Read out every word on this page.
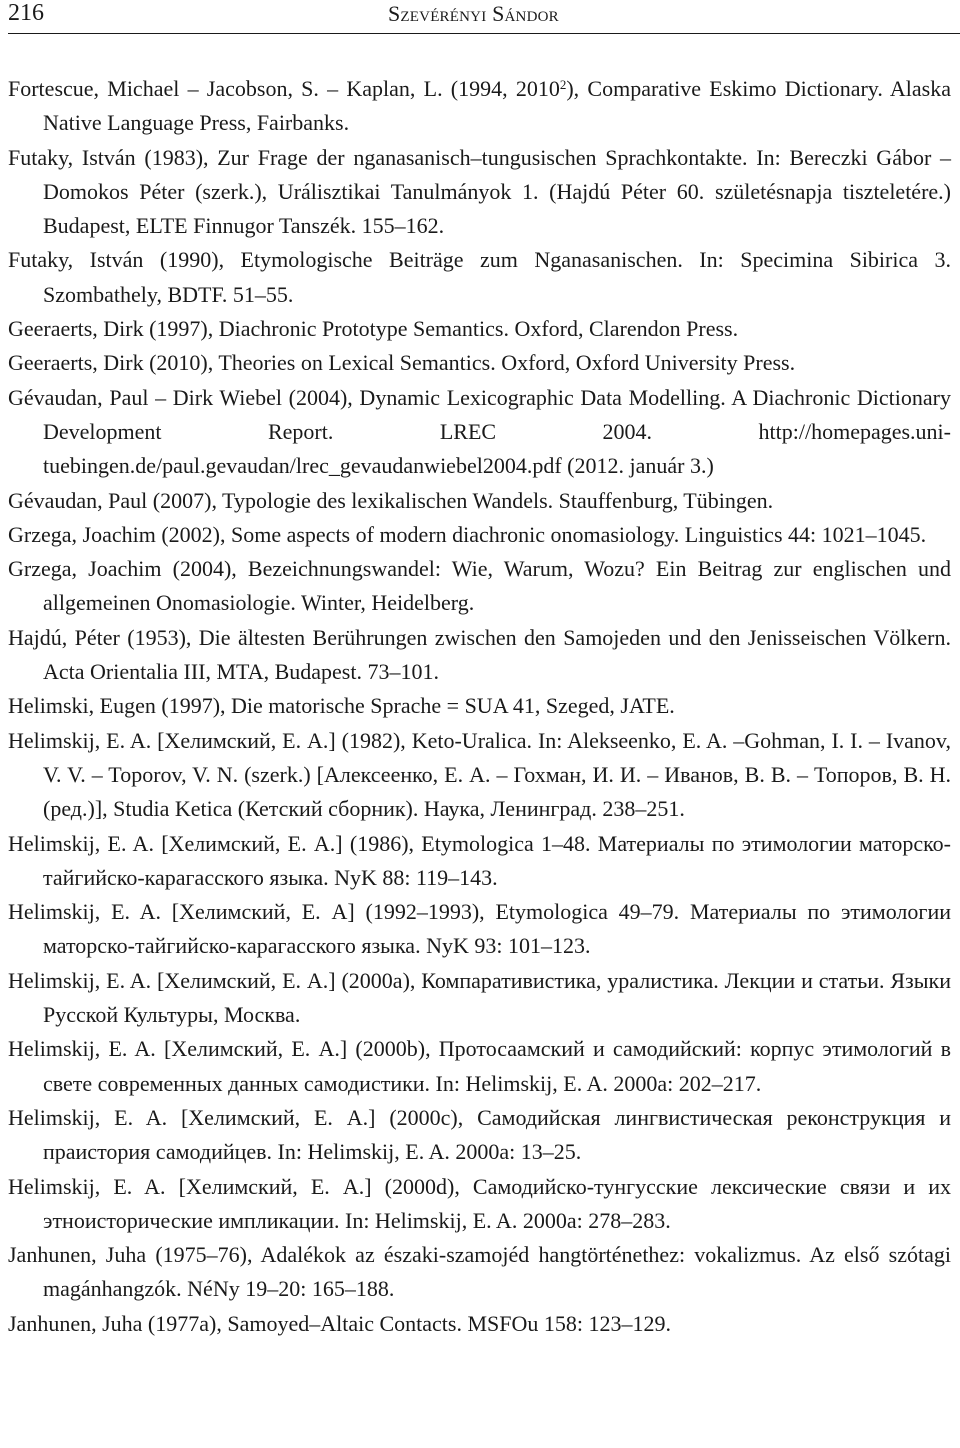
216	Szevérényi Sándor
Fortescue, Michael – Jacobson, S. – Kaplan, L. (1994, 2010$^2$), Comparative Eskimo Dictionary. Alaska Native Language Press, Fairbanks.
Futaky, István (1983), Zur Frage der nganasanisch–tungusischen Sprachkontakte. In: Bereczki Gábor – Domokos Péter (szerk.), Urálisztikai Tanulmányok 1. (Hajdú Péter 60. születésnapja tiszteletére.) Budapest, ELTE Finnugor Tanszék. 155–162.
Futaky, István (1990), Etymologische Beiträge zum Nganasanischen. In: Specimina Sibirica 3. Szombathely, BDTF. 51–55.
Geeraerts, Dirk (1997), Diachronic Prototype Semantics. Oxford, Clarendon Press.
Geeraerts, Dirk (2010), Theories on Lexical Semantics. Oxford, Oxford University Press.
Gévaudan, Paul – Dirk Wiebel (2004), Dynamic Lexicographic Data Modelling. A Diachronic Dictionary Development Report. LREC 2004. http://homepages.unituebingen.de/paul.gevaudan/lrec_gevaudanwiebel2004.pdf (2012. január 3.)
Gévaudan, Paul (2007), Typologie des lexikalischen Wandels. Stauffenburg, Tübingen.
Grzega, Joachim (2002), Some aspects of modern diachronic onomasiology. Linguistics 44: 1021–1045.
Grzega, Joachim (2004), Bezeichnungswandel: Wie, Warum, Wozu? Ein Beitrag zur englischen und allgemeinen Onomasiologie. Winter, Heidelberg.
Hajdú, Péter (1953), Die ältesten Berührungen zwischen den Samojeden und den Jenisseischen Völkern. Acta Orientalia III, MTA, Budapest. 73–101.
Helimski, Eugen (1997), Die matorische Sprache = SUA 41, Szeged, JATE.
Helimskij, E. A. [Хелимский, Е. А.] (1982), Keto-Uralica. In: Alekseenko, E. A. –Gohman, I. I. – Ivanov, V. V. – Toporov, V. N. (szerk.) [Алексеенко, Е. А. – Гохман, И. И. – Иванов, В. В. – Топоров, В. Н. (ред.)], Studia Ketica (Кетский сборник). Наука, Ленинград. 238–251.
Helimskij, E. A. [Хелимский, Е. А.] (1986), Etymologica 1–48. Материалы по этимологии маторско-тайгийско-карагасского языка. NyK 88: 119–143.
Helimskij, E. A. [Хелимский, Е. А] (1992–1993), Etymologica 49–79. Материалы по этимологии маторско-тайгийско-карагасского языка. NyK 93: 101–123.
Helimskij, E. A. [Хелимский, Е. А.] (2000a), Компаративистика, уралистика. Лекции и статьи. Языки Русской Культуры, Москва.
Helimskij, E. A. [Хелимский, Е. А.] (2000b), Протосаамский и самодийский: корпус этимологий в свете современных данных самодистики. In: Helimskij, E. A. 2000a: 202–217.
Helimskij, E. A. [Хелимский, Е. А.] (2000c), Самодийская лингвистическая реконструкция и праистория самодийцев. In: Helimskij, E. A. 2000a: 13–25.
Helimskij, E. A. [Хелимский, Е. А.] (2000d), Самодийско-тунгусские лексические связи и их этноисторические импликации. In: Helimskij, E. A. 2000a: 278–283.
Janhunen, Juha (1975–76), Adalékok az északi-szamojéd hangtörténethez: vokalizmus. Az első szótagi magánhangzók. NéNy 19–20: 165–188.
Janhunen, Juha (1977a), Samoyed–Altaic Contacts. MSFOu 158: 123–129.
